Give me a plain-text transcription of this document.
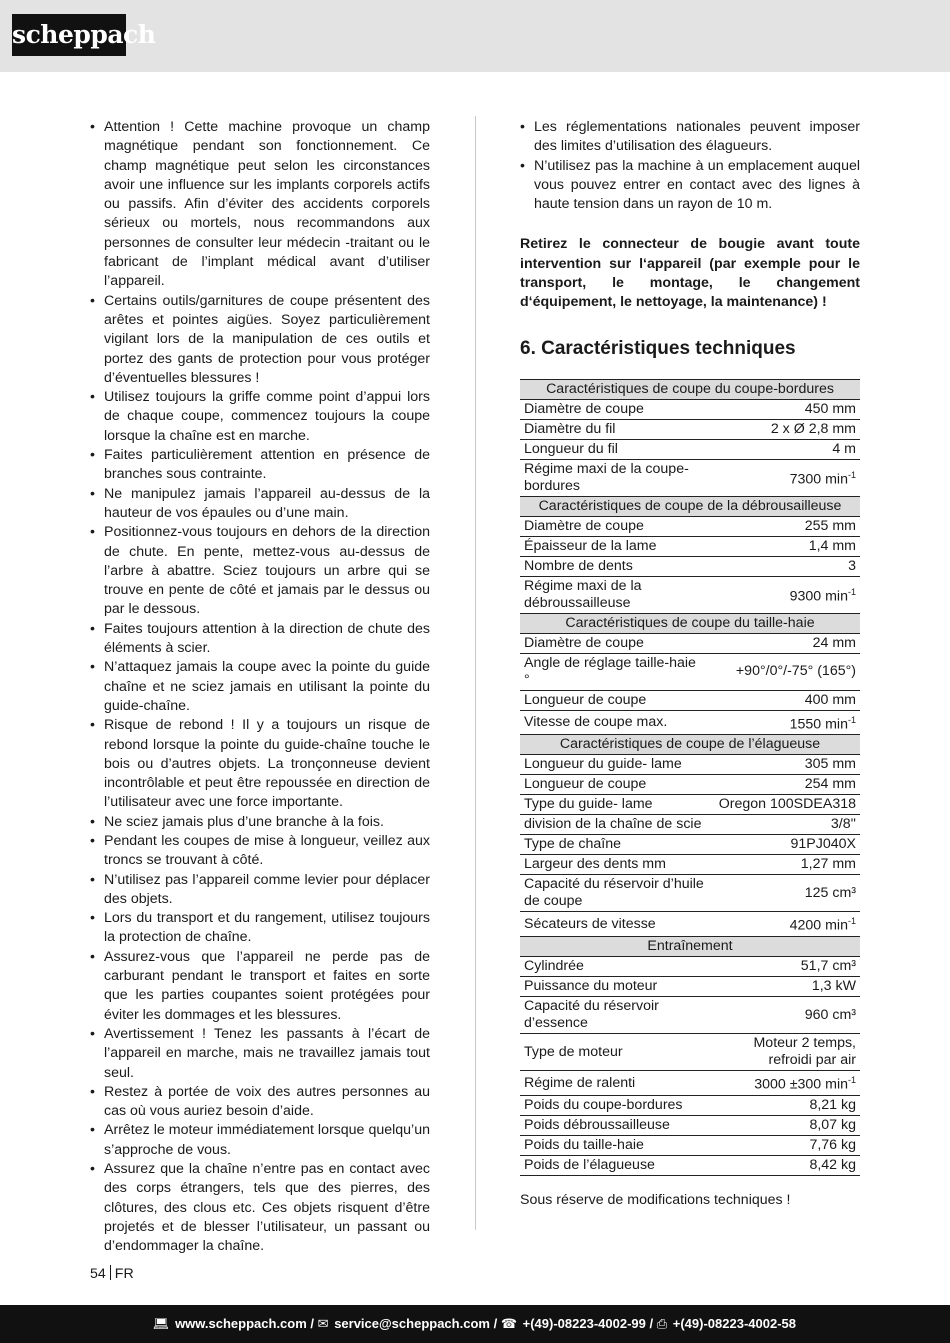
scheppach
• Attention ! Cette machine provoque un champ magnétique pendant son fonctionnement. Ce champ magnétique peut selon les circonstances avoir une influence sur les implants corporels actifs ou passifs. Afin d’éviter des accidents corporels sérieux ou mortels, nous recommandons aux personnes de consulter leur médecin -traitant ou le fabricant de l’implant médical avant d’utiliser l’appareil.
• Certains outils/garnitures de coupe présentent des arêtes et pointes aigües. Soyez particulièrement vigilant lors de la manipulation de ces outils et portez des gants de protection pour vous protéger d’éventuelles blessures !
• Utilisez toujours la griffe comme point d’appui lors de chaque coupe, commencez toujours la coupe lorsque la chaîne est en marche.
• Faites particulièrement attention en présence de branches sous contrainte.
• Ne manipulez jamais l’appareil au-dessus de la hauteur de vos épaules ou d’une main.
• Positionnez-vous toujours en dehors de la direction de chute. En pente, mettez-vous au-dessus de l’arbre à abattre. Sciez toujours un arbre qui se trouve en pente de côté et jamais par le dessus ou par le dessous.
• Faites toujours attention à la direction de chute des éléments à scier.
• N’attaquez jamais la coupe avec la pointe du guide chaîne et ne sciez jamais en utilisant la pointe du guide-chaîne.
• Risque de rebond ! Il y a toujours un risque de rebond lorsque la pointe du guide-chaîne touche le bois ou d’autres objets. La tronçonneuse devient incontrôlable et peut être repoussée en direction de l’utilisateur avec une force importante.
• Ne sciez jamais plus d’une branche à la fois.
• Pendant les coupes de mise à longueur, veillez aux troncs se trouvant à côté.
• N’utilisez pas l’appareil comme levier pour déplacer des objets.
• Lors du transport et du rangement, utilisez toujours la protection de chaîne.
• Assurez-vous que l’appareil ne perde pas de carburant pendant le transport et faites en sorte que les parties coupantes soient protégées pour éviter les dommages et les blessures.
• Avertissement ! Tenez les passants à l’écart de l’appareil en marche, mais ne travaillez jamais tout seul.
• Restez à portée de voix des autres personnes au cas où vous auriez besoin d’aide.
• Arrêtez le moteur immédiatement lorsque quelqu’un s’approche de vous.
• Assurez que la chaîne n’entre pas en contact avec des corps étrangers, tels que des pierres, des clôtures, des clous etc. Ces objets risquent d’être projetés et de blesser l’utilisateur, un passant ou d’endommager la chaîne.
• Les réglementations nationales peuvent imposer des limites d’utilisation des élagueurs.
• N’utilisez pas la machine à un emplacement auquel vous pouvez entrer en contact avec des lignes à haute tension dans un rayon de 10 m.
Retirez le connecteur de bougie avant toute intervention sur l‘appareil (par exemple pour le transport, le montage, le changement d‘équipement, le nettoyage, la maintenance) !
6. Caractéristiques techniques
Caractéristiques de coupe du coupe-bordures	
Diamètre de coupe	450 mm
Diamètre du fil	2 x Ø 2,8 mm
Longueur du fil	4 m
Régime maxi de la coupe-bordures	7300 $\min^{-1}$
Caractéristiques de coupe de la débrousailleuse	
Diamètre de coupe	255 mm
Épaisseur de la lame	1,4 mm
Nombre de dents	3
Régime maxi de la débroussailleuse	9300 $\min^{-1}$
Caractéristiques de coupe du taille-haie	
Diamètre de coupe	24 mm
Angle de réglage taille-haie °	+90°/0°/-75° (165°)
Longueur de coupe	400 mm
Vitesse de coupe max.	1550 $\min^{-1}$
Caractéristiques de coupe de l’élagueuse	
Longueur du guide- lame	305 mm
Longueur de coupe	254 mm
Type du guide- lame	Oregon 100SDEA318
division de la chaîne de scie	3/8''
Type de chaîne	91PJ040X
Largeur des dents mm	1,27 mm
Capacité du réservoir d’huile de coupe	125 cm³
Sécateurs de vitesse	4200 $\min^{-1}$
Entraînement	
Cylindrée	51,7 cm³
Puissance du moteur	1,3 kW
Capacité du réservoir d’essence	960 cm³
Type de moteur	Moteur 2 temps, refroidi par air
Régime de ralenti	3000 ±300 $\min^{-1}$
Poids du coupe-bordures	8,21 kg
Poids débroussailleuse	8,07 kg
Poids du taille-haie	7,76 kg
Poids de l’élagueuse	8,42 kg
Sous réserve de modifications techniques !
54 FR
💻︎ www.scheppach.com / ✉ service@scheppach.com / ☎ +(49)-08223-4002-99 / ⎙ +(49)-08223-4002-58
